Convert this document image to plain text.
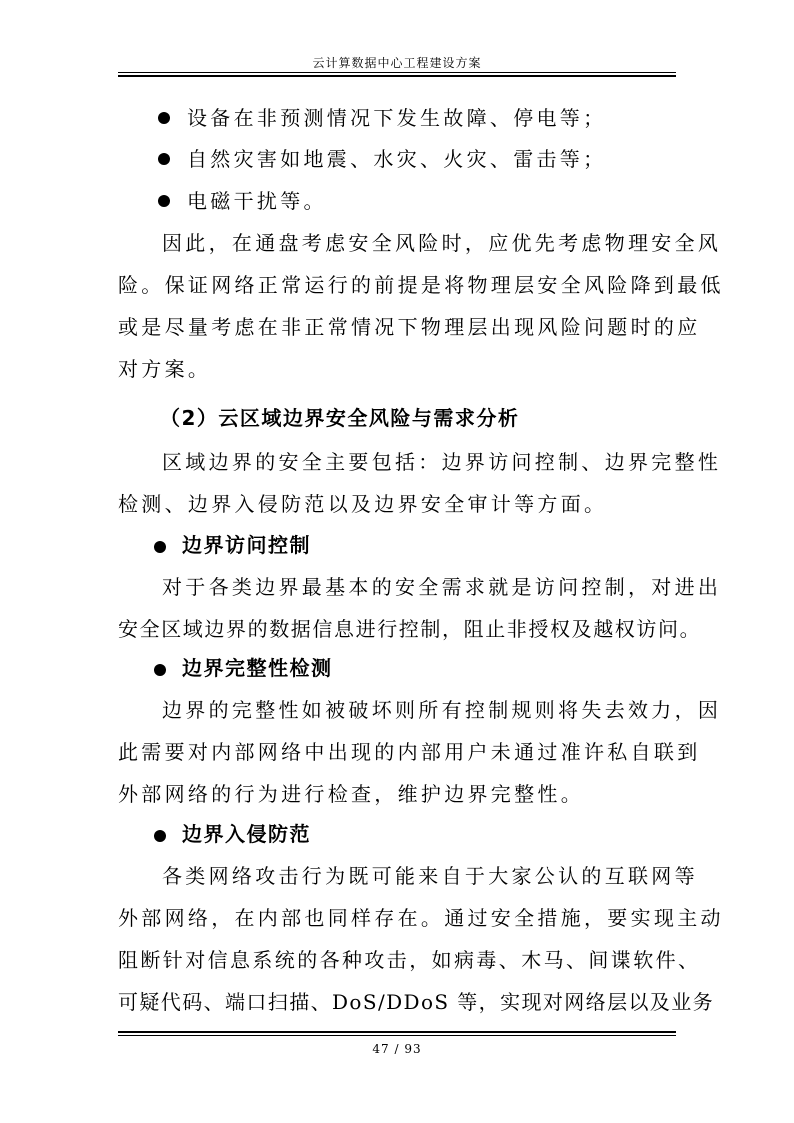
云计算数据中心工程建设方案
设备在非预测情况下发生故障、停电等；
自然灾害如地震、水灾、火灾、雷击等；
电磁干扰等。
因此，在通盘考虑安全风险时，应优先考虑物理安全风
险。保证网络正常运行的前提是将物理层安全风险降到最低
或是尽量考虑在非正常情况下物理层出现风险问题时的应
对方案。
（2）云区域边界安全风险与需求分析
区域边界的安全主要包括：边界访问控制、边界完整性
检测、边界入侵防范以及边界安全审计等方面。
边界访问控制
对于各类边界最基本的安全需求就是访问控制，对进出
安全区域边界的数据信息进行控制，阻止非授权及越权访问。
边界完整性检测
边界的完整性如被破坏则所有控制规则将失去效力，因
此需要对内部网络中出现的内部用户未通过准许私自联到
外部网络的行为进行检查，维护边界完整性。
边界入侵防范
各类网络攻击行为既可能来自于大家公认的互联网等
外部网络，在内部也同样存在。通过安全措施，要实现主动
阻断针对信息系统的各种攻击，如病毒、木马、间谍软件、
可疑代码、端口扫描、DoS/DDoS 等，实现对网络层以及业务
47 / 93
